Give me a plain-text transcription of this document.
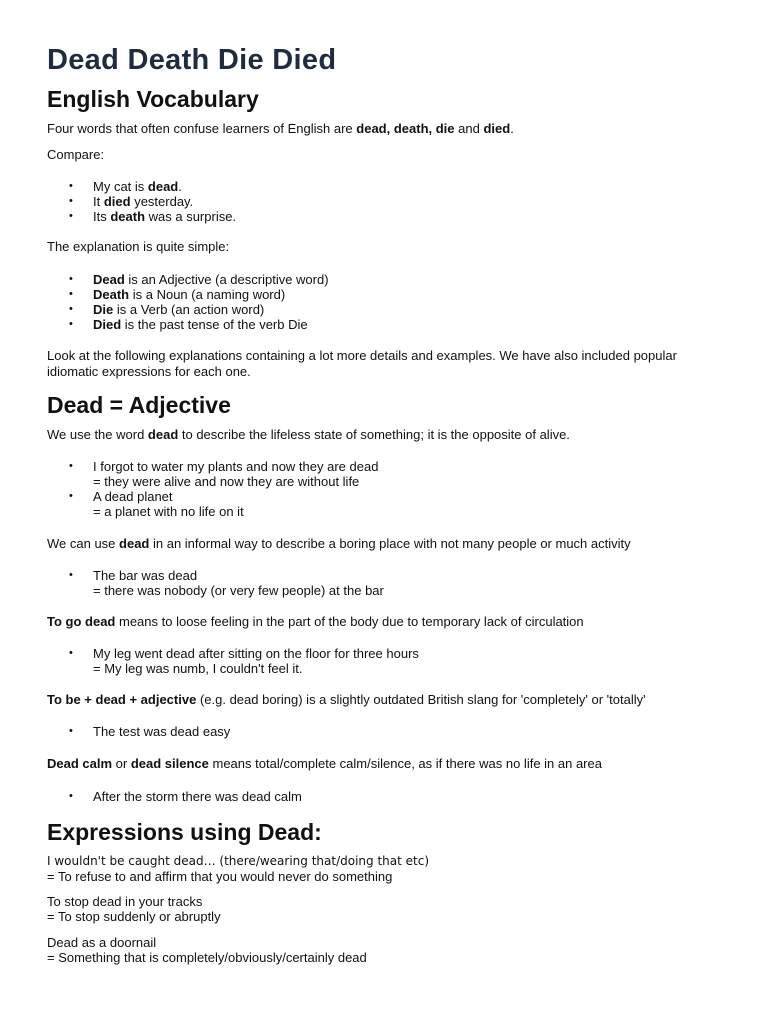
Dead Death Die Died
English Vocabulary
Four words that often confuse learners of English are dead, death, die and died.
Compare:
• My cat is dead.
• It died yesterday.
• Its death was a surprise.
The explanation is quite simple:
• Dead is an Adjective (a descriptive word)
• Death is a Noun (a naming word)
• Die is a Verb (an action word)
• Died is the past tense of the verb Die
Look at the following explanations containing a lot more details and examples. We have also included popular
idiomatic expressions for each one.
Dead = Adjective
We use the word dead to describe the lifeless state of something; it is the opposite of alive.
• I forgot to water my plants and now they are dead
= they were alive and now they are without life
• A dead planet
= a planet with no life on it
We can use dead in an informal way to describe a boring place with not many people or much activity
• The bar was dead
= there was nobody (or very few people) at the bar
To go dead means to loose feeling in the part of the body due to temporary lack of circulation
• My leg went dead after sitting on the floor for three hours
= My leg was numb, I couldn't feel it.
To be + dead + adjective (e.g. dead boring) is a slightly outdated British slang for 'completely' or 'totally'
• The test was dead easy
Dead calm or dead silence means total/complete calm/silence, as if there was no life in an area
• After the storm there was dead calm
Expressions using Dead:
I wouldn't be caught dead… (there/wearing that/doing that etc)
= To refuse to and affirm that you would never do something
To stop dead in your tracks
= To stop suddenly or abruptly
Dead as a doornail
= Something that is completely/obviously/certainly dead
